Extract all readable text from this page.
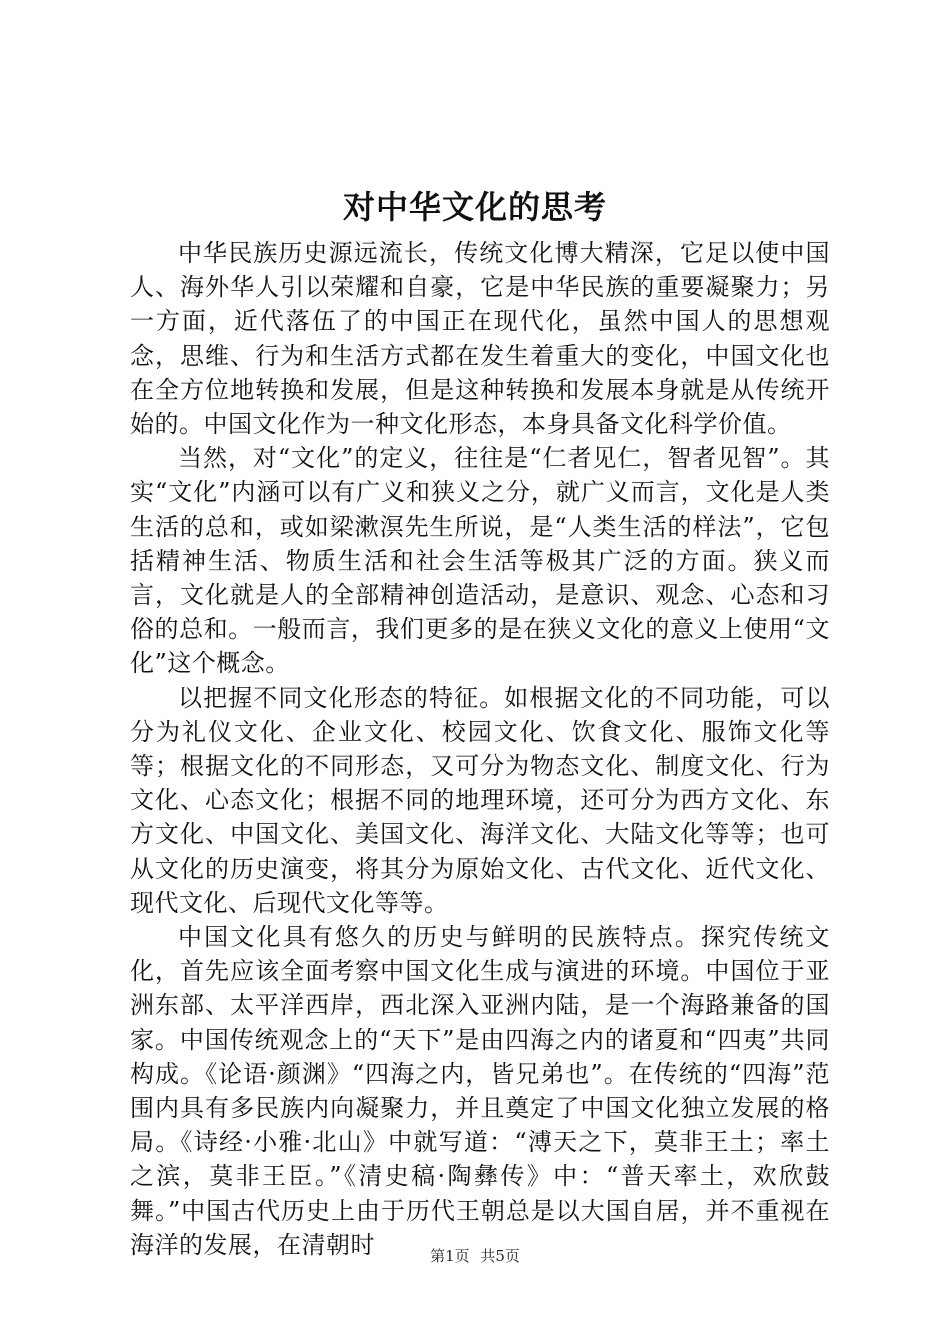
对中华文化的思考

中华民族历史源远流长，传统文化博大精深，它足以使中国人、海外华人引以荣耀和自豪，它是中华民族的重要凝聚力；另一方面，近代落伍了的中国正在现代化，虽然中国人的思想观念，思维、行为和生活方式都在发生着重大的变化，中国文化也在全方位地转换和发展，但是这种转换和发展本身就是从传统开始的。中国文化作为一种文化形态，本身具备文化科学价值。

当然，对“文化”的定义，往往是“仁者见仁，智者见智”。其实“文化”内涵可以有广义和狭义之分，就广义而言，文化是人类生活的总和，或如梁漱溟先生所说，是“人类生活的样法”，它包括精神生活、物质生活和社会生活等极其广泛的方面。狭义而言，文化就是人的全部精神创造活动，是意识、观念、心态和习俗的总和。一般而言，我们更多的是在狭义文化的意义上使用“文化”这个概念。

以把握不同文化形态的特征。如根据文化的不同功能，可以分为礼仪文化、企业文化、校园文化、饮食文化、服饰文化等等；根据文化的不同形态，又可分为物态文化、制度文化、行为文化、心态文化；根据不同的地理环境，还可分为西方文化、东方文化、中国文化、美国文化、海洋文化、大陆文化等等；也可从文化的历史演变，将其分为原始文化、古代文化、近代文化、现代文化、后现代文化等等。

中国文化具有悠久的历史与鲜明的民族特点。探究传统文化，首先应该全面考察中国文化生成与演进的环境。中国位于亚洲东部、太平洋西岸，西北深入亚洲内陆，是一个海路兼备的国家。中国传统观念上的“天下”是由四海之内的诸夏和“四夷”共同构成。《论语·颜渊》“四海之内，皆兄弟也”。在传统的“四海”范围内具有多民族内向凝聚力，并且奠定了中国文化独立发展的格局。《诗经·小雅·北山》中就写道：“溥天之下，莫非王土；率土之滨，莫非王臣。”《清史稿·陶彝传》中：“普天率土，欢欣鼓舞。”中国古代历史上由于历代王朝总是以大国自居，并不重视在海洋的发展，在清朝时	第1页 共5页
